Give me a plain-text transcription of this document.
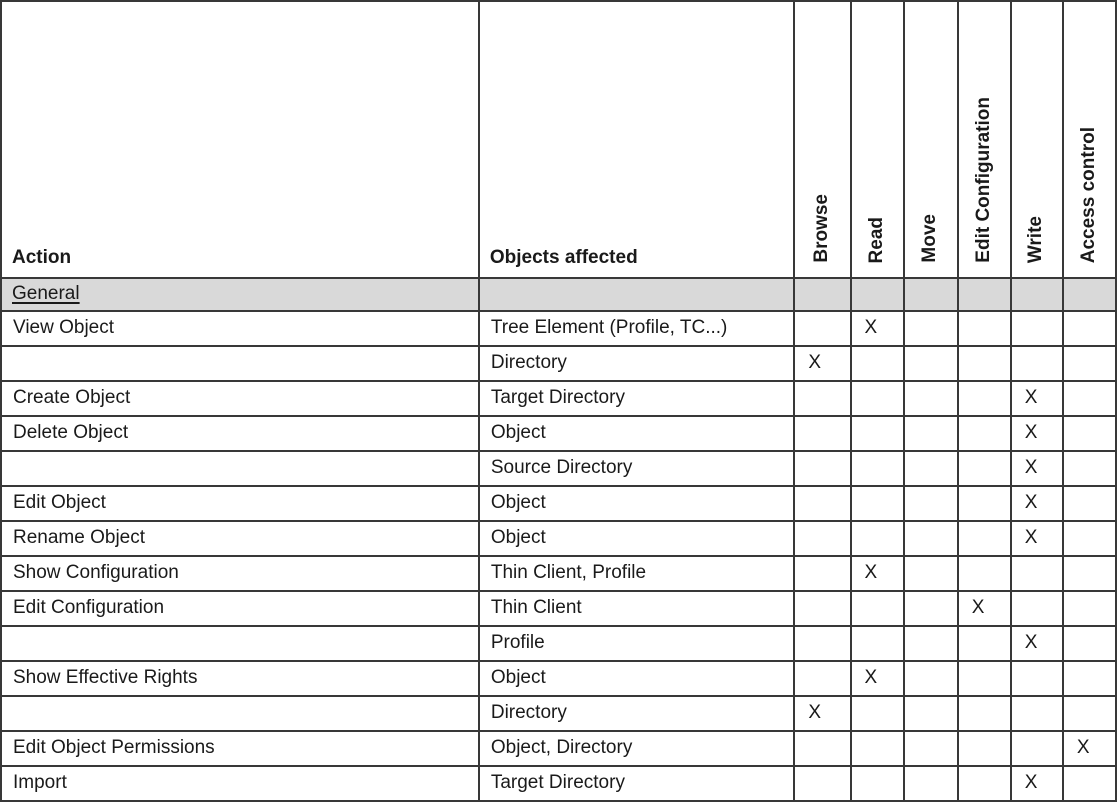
Action	Objects affected	Browse	Read	Move	Edit Configuration	Write	Access control
General							
View Object	Tree Element (Profile, TC...)		X				
	Directory	X					
Create Object	Target Directory					X	
Delete Object	Object					X	
	Source Directory					X	
Edit Object	Object					X	
Rename Object	Object					X	
Show Configuration	Thin Client, Profile		X				
Edit Configuration	Thin Client				X		
	Profile					X	
Show Effective Rights	Object		X				
	Directory	X					
Edit Object Permissions	Object, Directory						X
Import	Target Directory					X	
